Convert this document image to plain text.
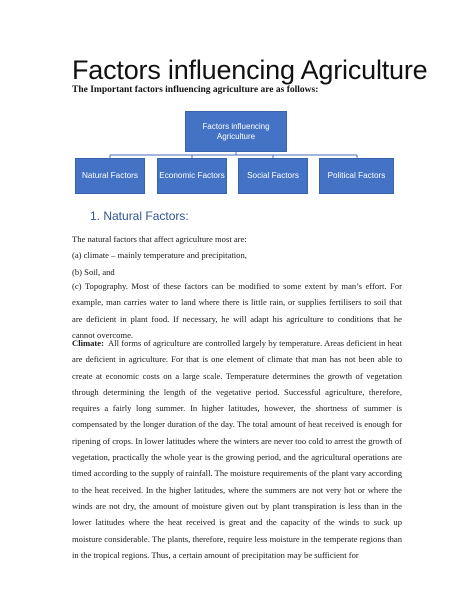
Factors influencing Agriculture
The Important factors influencing agriculture are as follows:
Factors influencing Agriculture
Natural Factors	Economic Factors	Social Factors	Political Factors
1. Natural Factors:
The natural factors that affect agriculture most are:
(a) climate – mainly temperature and precipitation,
(b) Soil, and
(c) Topography. Most of these factors can be modified to some extent by man’s effort. For example, man carries water to land where there is little rain, or supplies fertilisers to soil that are deficient in plant food. If necessary, he will adapt his agriculture to conditions that he cannot overcome.
Climate: All forms of agriculture are controlled largely by temperature. Areas deficient in heat are deficient in agriculture. For that is one element of climate that man has not been able to create at economic costs on a large scale. Temperature determines the growth of vegetation through determining the length of the vegetative period. Successful agriculture, therefore, requires a fairly long summer. In higher latitudes, however, the shortness of summer is compensated by the longer duration of the day. The total amount of heat received is enough for ripening of crops. In lower latitudes where the winters are never too cold to arrest the growth of vegetation, practically the whole year is the growing period, and the agricultural operations are timed according to the supply of rainfall. The moisture requirements of the plant vary according to the heat received. In the higher latitudes, where the summers are not very hot or where the winds are not dry, the amount of moisture given out by plant transpiration is less than in the lower latitudes where the heat received is great and the capacity of the winds to suck up moisture considerable. The plants, therefore, require less moisture in the temperate regions than in the tropical regions. Thus, a certain amount of precipitation may be sufficient for
